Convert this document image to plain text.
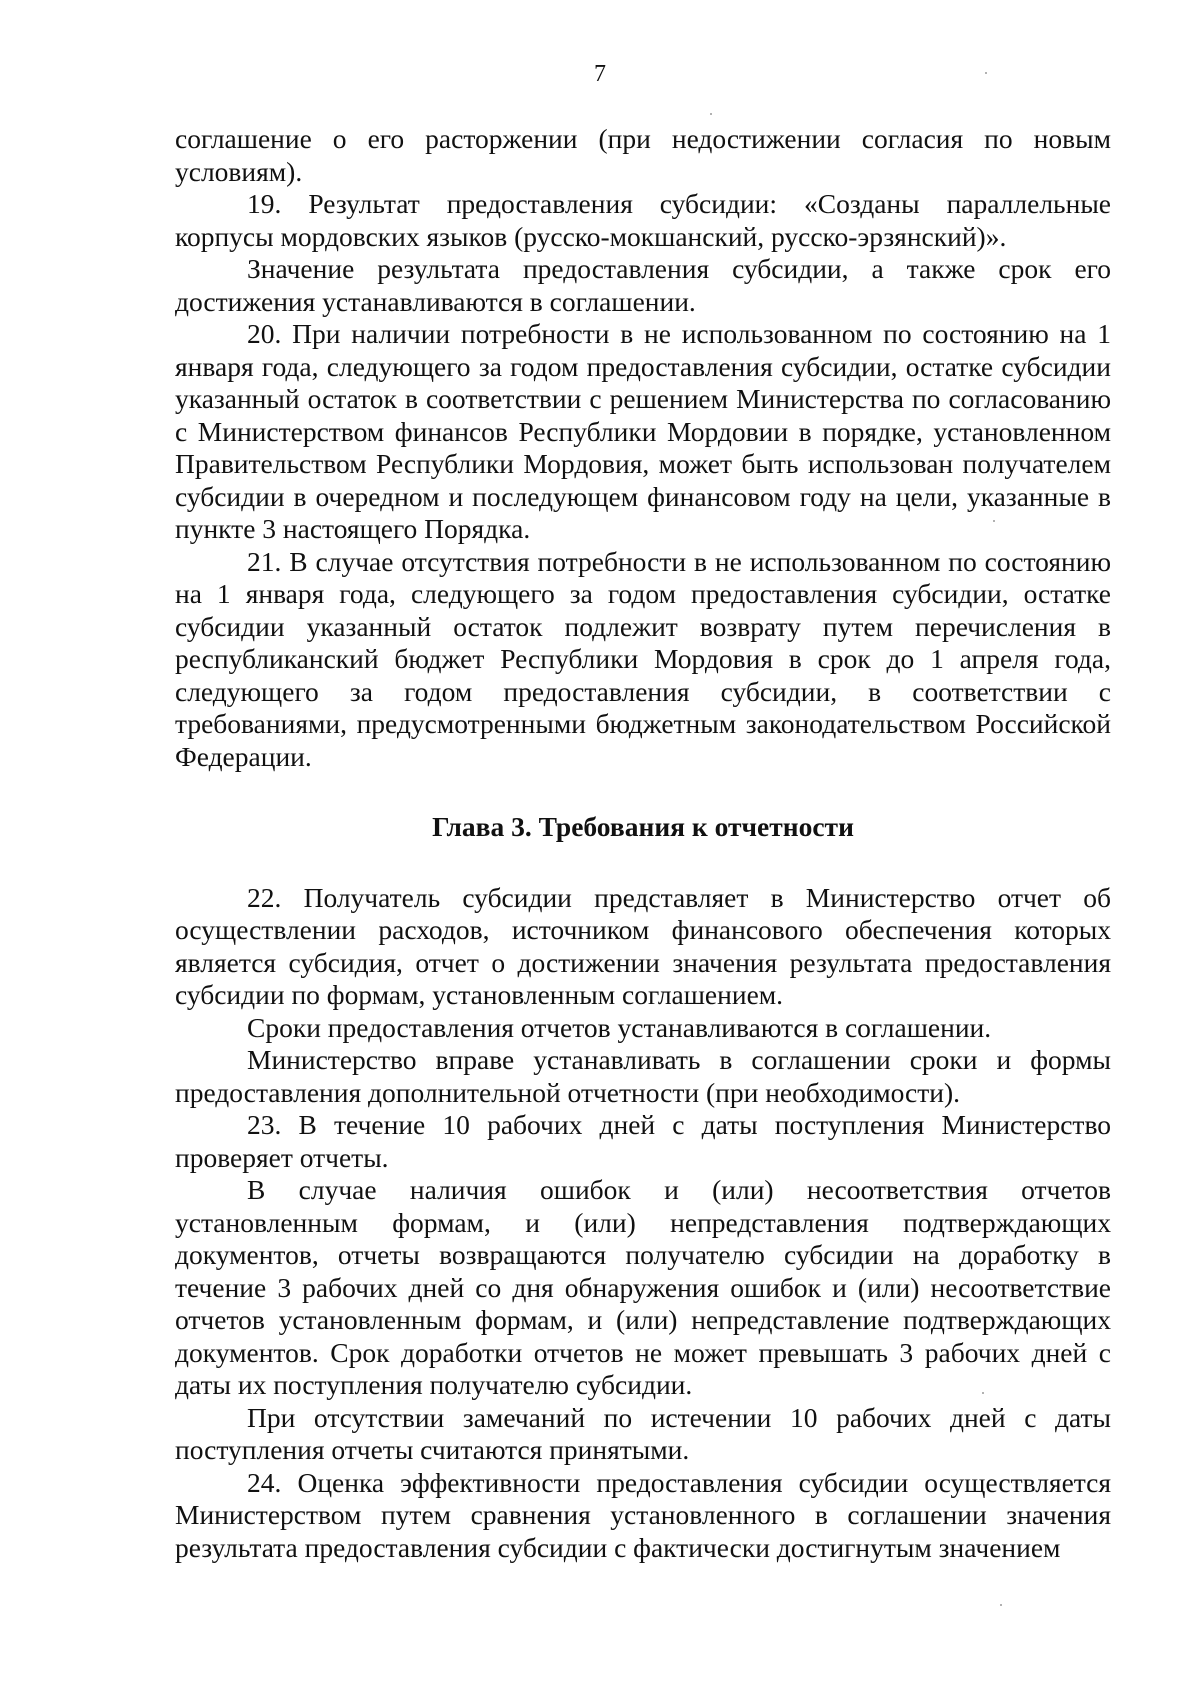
7

соглашение о его расторжении (при недостижении согласия по новым условиям).

19. Результат предоставления субсидии: «Созданы параллельные корпусы мордовских языков (русско-мокшанский, русско-эрзянский)».

Значение результата предоставления субсидии, а также срок его достижения устанавливаются в соглашении.

20. При наличии потребности в не использованном по состоянию на 1 января года, следующего за годом предоставления субсидии, остатке субсидии указанный остаток в соответствии с решением Министерства по согласованию с Министерством финансов Республики Мордовии в порядке, установленном Правительством Республики Мордовия, может быть использован получателем субсидии в очередном и последующем финансовом году на цели, указанные в пункте 3 настоящего Порядка.

21. В случае отсутствия потребности в не использованном по состоянию на 1 января года, следующего за годом предоставления субсидии, остатке субсидии указанный остаток подлежит возврату путем перечисления в республиканский бюджет Республики Мордовия в срок до 1 апреля года, следующего за годом предоставления субсидии, в соответствии с требованиями, предусмотренными бюджетным законодательством Российской Федерации.

Глава 3. Требования к отчетности

22. Получатель субсидии представляет в Министерство отчет об осуществлении расходов, источником финансового обеспечения которых является субсидия, отчет о достижении значения результата предоставления субсидии по формам, установленным соглашением.

Сроки предоставления отчетов устанавливаются в соглашении.

Министерство вправе устанавливать в соглашении сроки и формы предоставления дополнительной отчетности (при необходимости).

23. В течение 10 рабочих дней с даты поступления Министерство проверяет отчеты.

В случае наличия ошибок и (или) несоответствия отчетов установленным формам, и (или) непредставления подтверждающих документов, отчеты возвращаются получателю субсидии на доработку в течение 3 рабочих дней со дня обнаружения ошибок и (или) несоответствие отчетов установленным формам, и (или) непредставление подтверждающих документов. Срок доработки отчетов не может превышать 3 рабочих дней с даты их поступления получателю субсидии.

При отсутствии замечаний по истечении 10 рабочих дней с даты поступления отчеты считаются принятыми.

24. Оценка эффективности предоставления субсидии осуществляется Министерством путем сравнения установленного в соглашении значения результата предоставления субсидии с фактически достигнутым значением
